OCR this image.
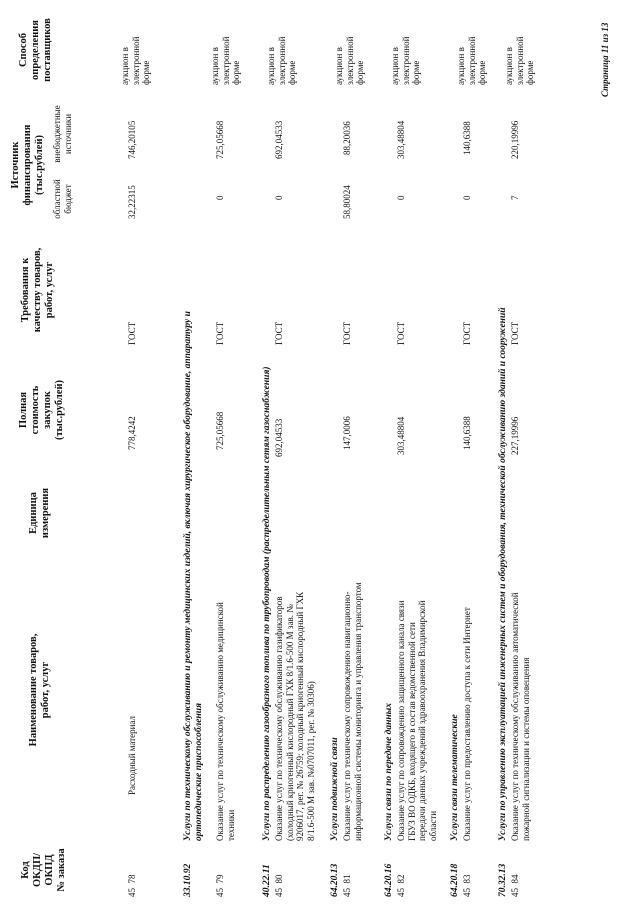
Код ОКДП/ ОКПД № заказа
Наименование товаров, работ, услуг
Единица измерения
Полная стоимость закупок (тыс.рублей)
Требования к качеству товаров, работ, услуг
Источник финансирования (тыс.рублей)
областной бюджет
внебюджетные источники
Способ определения поставщиков
45  78
Расходный материал
778,4242
ГОСТ
32,22315
746,20105
аукцион в электронной форме
33.10.92
Услуги по техническому обслуживанию и ремонту медицинских изделий, включая хирургическое оборудование, аппаратуру и ортопедические приспособления
45  79
Оказание услуг по техническому обслуживанию медицинской техники
725,05668
ГОСТ
0
725,05668
аукцион в электронной форме
40.22.11
Услуги по распределению газообразного топлива по трубопроводам (распределительным сетям газоснабжения)
45  80
Оказание услуг по техническому обслуживанию газификаторов (холодный криогенный кислородный ГХК 8/1.6-500 М зав. № 9206017, рег. № 26759; холодный криогенный кислородный ГХК 8/1.6-500 М зав. №0707011, рег. № 30306)
692,04533
ГОСТ
0
692,04533
аукцион в электронной форме
64.20.13
Услуги подвижной связи
45  81
Оказание услуг по техническому сопровождению навигационно- информационной системы мониторинга и управления транспортом
147,0006
ГОСТ
58,80024
88,20036
аукцион в электронной форме
64.20.16
Услуги связи по передаче данных
45  82
Оказание услуг по сопровождению защищенного канала связи ГБУЗ ВО ОДКБ, входящего в состав ведомственной сети передачи данных учреждений здравоохранения Владимирской области
303,48804
ГОСТ
0
303,48804
аукцион в электронной форме
64.20.18
Услуги связи телематические
45  83
Оказание услуг по предоставлению доступа к сети Интернет
140,6388
ГОСТ
0
140,6388
аукцион в электронной форме
70.32.13
Услуги по управлению эксплуатацией инженерных систем и оборудования, технической обслуживанию зданий и сооружений
45  84
Оказание услуг по техническому обслуживанию автоматической пожарной сигнализации и системы оповещения
227,19996
ГОСТ
7
220,19996
аукцион в электронной форме	Страница 11 из 13
